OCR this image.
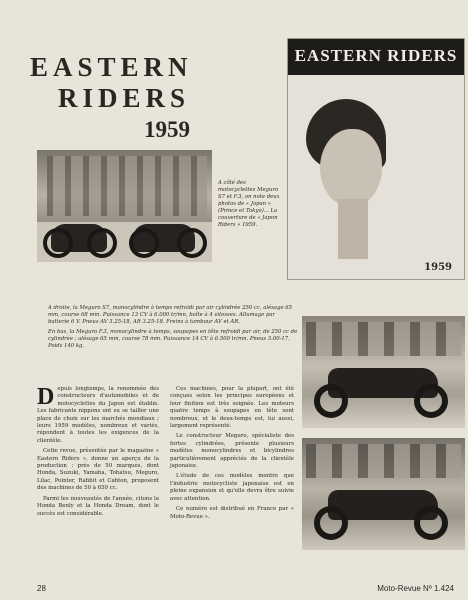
EASTERN
RIDERS
1959
EASTERN RIDERS
1959
A côté des motocyclettes Meguro S7 et F.3, on note deux photos de « Japan » (Prince et Tokyo)... La couverture de « Japon Riders » 1959.

A droite, la Meguro S7, monocylindre à temps refroidi par air cylindrée 250 cc, alésage 65 mm, course 68 mm. Puissance 13 CV à 6.000 tr/mn, boîte à 4 vitesses. Allumage par batterie 6 V. Pneus AV 3.25-18, AR 3.25-18. Freins à tambour AV et AR.

En bas, la Meguro F.3, monocylindre à temps, soupapes en tête refroidi par air, de 250 cc de cylindrée ; alésage 65 mm, course 78 mm. Puissance 14 CV à 6.500 tr/mn. Pneus 3.00-17. Poids 140 kg.

D epuis longtemps, la renommée des constructeurs d'automobiles et de motocyclettes du Japon est établie. Les fabricants nippons ont su se tailler une place de choix sur les marchés mondiaux ; leurs 1959 modèles, nombreux et variés, répondent à toutes les exigences de la clientèle.

Cette revue, présentée par le magazine « Eastern Riders », donne un aperçu de la production : près de 50 marques, dont Honda, Suzuki, Yamaha, Tohatsu, Meguro, Lilac, Pointer, Rabbit et Cabton, proposent des machines de 50 à 650 cc.

Parmi les nouveautés de l'année, citons la Honda Benly et la Honda Dream, dont le succès est considérable.

Ces machines, pour la plupart, ont été conçues selon les principes européens et leur finition est très soignée. Les moteurs quatre temps à soupapes en tête sont nombreux, et le deux-temps est, lui aussi, largement représenté.

Le constructeur Meguro, spécialiste des fortes cylindrées, présente plusieurs modèles monocylindres et bicylindres particulièrement appréciés de la clientèle japonaise.

L'étude de ces modèles montre que l'industrie motocycliste japonaise est en pleine expansion et qu'elle devra être suivie avec attention.

Ce numéro est distribué en France par « Moto-Revue ».

28	Moto-Revue Nº 1.424
